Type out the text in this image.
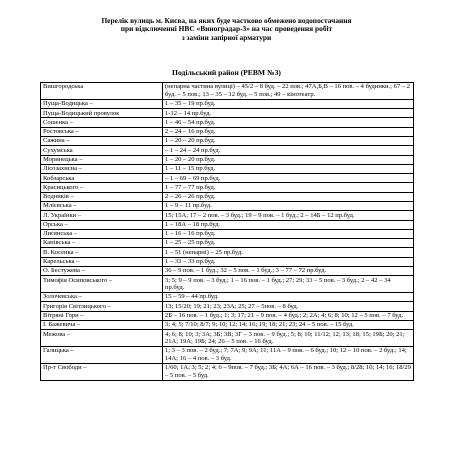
Перелік вулиць м. Києва, на яких буде частково обмежено водопостачання
при відключенні НВС «Виноградар-3» на час проведення робіт
з заміни запірної арматури
Подільський район (РЕВМ №3)
Вишгородська	(непарна частина вулиці) – 45/2 – 8 буд. – 22 пов.; 47А,Б,В – 16 пов. – 4 будинки.; 67 – 2 буд. – 5 пов.; 13 – 35 – 12 буд. – 5 пов.; 49 – кінотеатр.
Пуща-Водицька –	1 – 35 – 19 пр.буд.
Пуща-Водицький провулок	1-12 – 14 пр.буд.
Сошенка –	1 – 46 – 54 пр.буд.
Ростовська –	2 – 24 – 16 пр.буд.
Сажина –	1 – 20 – 20 пр.буд.
Сухумська	– 1 – 24 – 24 пр.буд.
Моринецька –	1 – 20 – 20 пр.буд.
Лісозахисна –	1 – 11 – 15 пр.буд.
Кобзарська	– 1 – 69 – 69 пр.буд.
Красицького –	1 – 77 – 77 пр.буд.
Водників –	2 – 26 – 26 пр.буд.
Млієвська –	1 – 9 – 11 пр.буд.
Л. Українки –	15; 15А; 17 – 2 пов. – 3 буд.; 19 – 9 пов. – 1 буд.; 2 – 14Б – 12 пр.буд.
Орська –	1 – 18А – 18 пр.буд.
Лисянська –	1 – 16 – 16 пр.буд.
Канівська –	1 – 25 – 25 пр.буд.
В. Косенка –	1 – 51 (непарні) – 25 пр.буд.
Карельська –	1 – 33 – 33 пр.буд.
О. Бестужева –	36 – 9 пов. – 1 буд.; 32 – 5 пов. – 1 буд.; 3 – 77 – 72 пр.буд.
Тимофія Осиповського –	3; 5; 9 – 9 пов. – 3 буд.; 1 – 16 пов. – 1 буд.; 27; 29; 33 – 5 пов. – 3 буд.; 2 – 42 – 34 пр.буд.
Золочевська –	15 – 59 – 44 пр.буд.
Григорія Світлицького –	13; 15/20; 19; 21; 23; 23А; 25; 27 – 5пов. – 8 буд.
Вітряні Гори –	2Б – 16 пов. – 1 буд.; 1; 3; 17; 21 – 9 пов. – 4 буд.; 2; 2А; 4; 6; 8; 10; 12 – 5 пов. – 7 буд.
І. Бажевича –	3; 4; 5; 7/10; 8/7; 9; 10; 12; 14; 16; 19; 18; 21; 23; 24 – 5 пов. – 15 буд.
Межова –	4; 6; 8; 10; 3; 3А; 3Б; 3В; 3Г – 3 пов. – 9 буд.; 5; 8; 10; 11/12; 12; 13; 18; 15; 19Б; 20; 21; 21А; 19А; 19Б; 24; 26 – 5 пов. – 16 буд.
Галицька –	1; 3 – 3 пов. – 2 буд.; 7; 7А; 9; 9А; 11; 11А – 9 пов. – 6 буд.; 10; 12 – 10 пов. – 2 буд.; 14; 14А; 16 – 4 пов. – 3 буд.
Пр-т Свободи –	1/60; 1А; 3; 5; 2; 4; 6 – 9пов. – 7 буд.; 3Б; 4А; 6А – 16 пов. – 3 буд.; 8/28; 10; 14; 16; 18/29 – 5 пов. – 5 буд.
